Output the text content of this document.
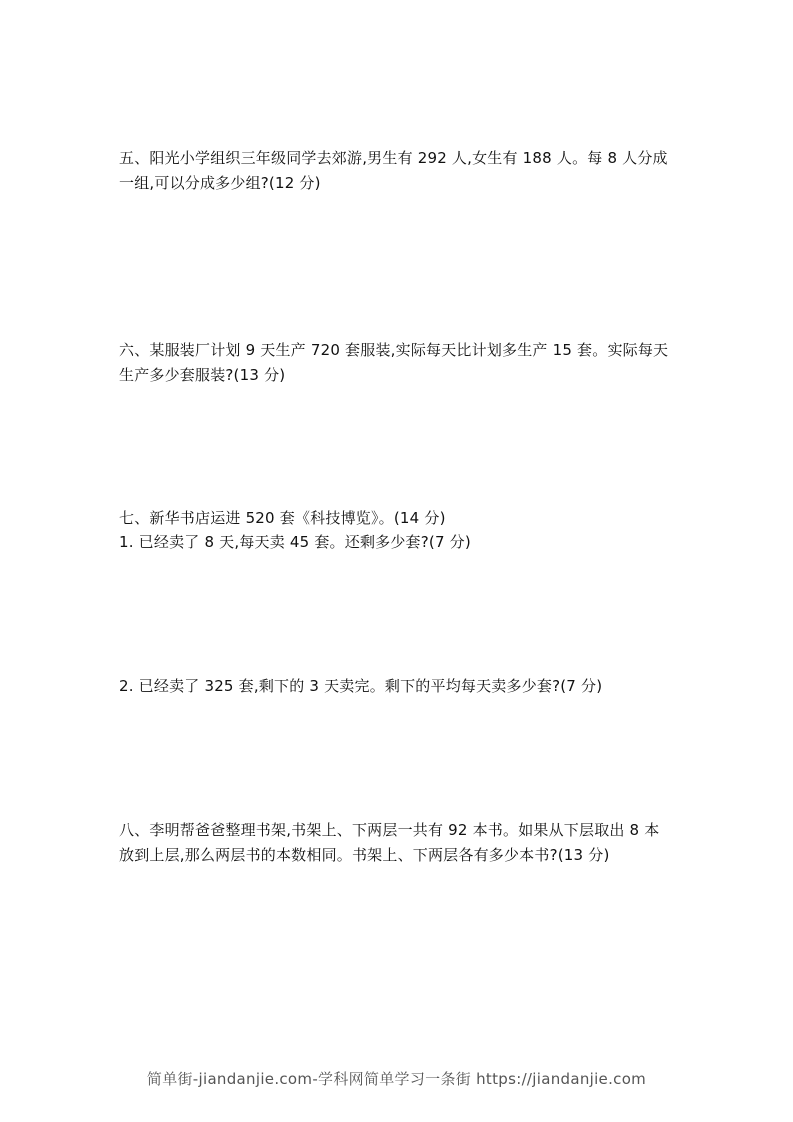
五、阳光小学组织三年级同学去郊游,男生有 292 人,女生有 188 人。每 8 人分成
一组,可以分成多少组?(12 分)
六、某服装厂计划 9 天生产 720 套服装,实际每天比计划多生产 15 套。实际每天
生产多少套服装?(13 分)
七、新华书店运进 520 套《科技博览》。(14 分)
1. 已经卖了 8 天,每天卖 45 套。还剩多少套?(7 分)
2. 已经卖了 325 套,剩下的 3 天卖完。剩下的平均每天卖多少套?(7 分)
八、李明帮爸爸整理书架,书架上、下两层一共有 92 本书。如果从下层取出 8 本
放到上层,那么两层书的本数相同。书架上、下两层各有多少本书?(13 分)
简单街-jiandanjie.com-学科网简单学习一条街 https://jiandanjie.com
